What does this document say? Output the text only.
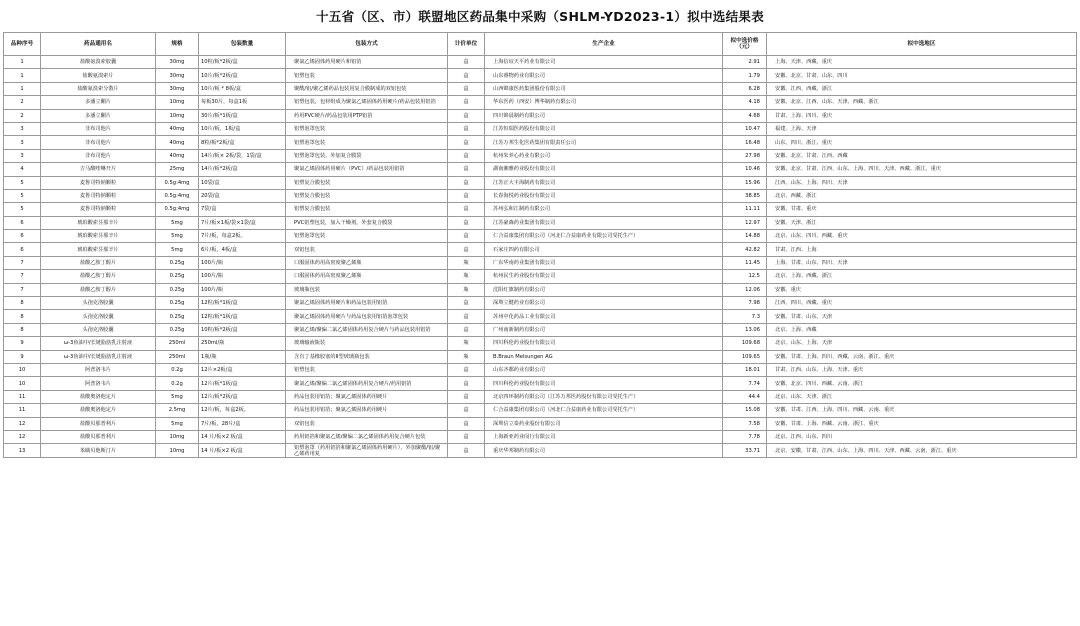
十五省（区、市）联盟地区药品集中采购（SHLM-YD2023-1）拟中选结果表
品种序号	药品通用名	规格	包装数量	包装方式	计价单位	生产企业	拟中选价格（元）	拟中选地区
1	盐酸氨溴索胶囊	30mg	10粒/板*2板/盒	聚氯乙烯固体药用硬片和铝箔	盒	上海信谊天平药业有限公司	2.91	上海、天津、西藏、重庆
1	盐酸氨溴索片	30mg	10片/板*2板/盒	铝塑包装	盒	山东睿物药业有限公司	1.79	安徽、北京、甘肃、山东、四川
1	盐酸氨溴索分散片	30mg	10片/板 * 8板/盒	聚酰/铝/聚乙烯药品包装用复合膜制成的双铝包装	盒	山西锦康医药集团股份有限公司	6.28	安徽、江西、西藏、浙江
2	多潘立酮片	10mg	每板30片，每盒1板	铝塑包装，包材组成为聚氯乙烯固体药用硬片/药品包装用铝箔	盒	华东医药（西安）博华制药有限公司	4.18	安徽、北京、江西、山东、天津、西藏、浙江
2	多潘立酮片	10mg	30片/板*1板/盒	药用PVC硬片/药品包装用PTP铝箔	盒	四川锦晨制药有限公司	4.68	甘肃、上海、四川、重庆
3	非布司他片	40mg	10片/板，1板/盒	铝塑泡罩包装	盒	江苏恒瑞医药股份有限公司	10.47	福建、上海、天津
3	非布司他片	40mg	8粒/板*2板/盒	铝塑泡罩包装	盒	江苏万邦生化医药集团有限责任公司	16.48	山东、四川、浙江、重庆
3	非布司他片	40mg	14片/板× 2板/袋，1袋/盒	铝塑泡罩包装，外加复合膜袋	盒	杭州朱养心药业有限公司	27.98	安徽、北京、甘肃、江西、西藏
4	吉马酸喹啉开片	25mg	14片/板*2板/盒	聚氯乙烯固体药用硬片（PVC）/药品包装用铝箔	盒	湖南湘雅药业股份有限公司	10.46	安徽、北京、甘肃、江西、山东、上海、四川、天津、西藏、浙江、重庆
5	麦鲁司特钠颗粒	0.5g:4mg	10袋/盒	铝塑复合膜包装	盒	江苏正大丰海制药有限公司	15.96	江西、山东、上海、四川、天津
5	麦鲁司特钠颗粒	0.5g:4mg	20袋/盒	铝塑复合膜包装	盒	长春海悦药业股份有限公司	38.85	北京、西藏、浙江
5	麦鲁司特钠颗粒	0.5g:4mg	7袋/盒	铝塑复合膜包装	盒	苏州弘和江制药有限公司	11.11	安徽、甘肃、重庆
6	琥珀酸索芬那辛片	5mg	7片/板×1板/袋×1袋/盒	PVC铝塑包装，加入干燥剂，外套复合膜袋	盒	江苏豪森药业集团有限公司	12.97	安徽、天津、浙江
6	琥珀酸索芬那辛片	5mg	7片/板，每盒2板。	铝塑泡罩包装	盒	仁合益康集团有限公司（河北仁合益康药业有限公司受托生产）	14.88	北京、山东、四川、西藏、重庆
6	琥珀酸索芬那辛片	5mg	6片/板，4板/盒	双铝包装	盒	石家庄四药有限公司	42.82	甘肃、江西、上海
7	盐酸乙胺丁醇片	0.25g	100片/瓶	口服固体药用高密度聚乙烯瓶	瓶	广东华南药业集团有限公司	11.45	上海、甘肃、山东、四川、天津
7	盐酸乙胺丁醇片	0.25g	100片/瓶	口服固体药用高密度聚乙烯瓶	瓶	杭州民生药业股份有限公司	12.5	北京、上海、西藏、浙江
7	盐酸乙胺丁醇片	0.25g	100片/瓶	玻璃瓶包装	瓶	沈阳红旗制药有限公司	12.06	安徽、重庆
8	头孢克洛胶囊	0.25g	12粒/板*1板/盒	聚氯乙烯固体药用硬片和药品包装用铝箔	盒	深圳立健药业有限公司	7.98	江西、四川、西藏、重庆
8	头孢克洛胶囊	0.25g	12粒/板*1板/盒	聚氯乙烯固体药用硬片与药品包装用铝箔泡罩包装	盒	苏州中化药品工业有限公司	7.3	安徽、甘肃、山东、天津
8	头孢克洛胶囊	0.25g	10粒/板*2板/盒	聚氯乙烯/聚偏二氯乙烯固体药用复合硬片与药品包装用铝箔	盒	广州南新制药有限公司	13.06	北京、上海、西藏
9	ω-3鱼油中/长链脂肪乳注射液	250ml	250ml/瓶	玻璃输液瓶装	瓶	四川科伦药业股份有限公司	109.68	北京、山东、上海、天津
9	ω-3鱼油中/长链脂肪乳注射液	250ml	1瓶/瓶	含有丁基橡胶塞的II型玻璃瓶包装	瓶	B.Braun Melsungen AG	109.65	安徽、甘肃、上海、四川、西藏、云南、浙江、重庆
10	阿普洛韦片	0.2g	12片×2板/盒	铝塑包装	盒	山东齐都药业有限公司	18.01	甘肃、江西、山东、上海、天津、重庆
10	阿普洛韦片	0.2g	12片/板*1板/盒	聚氯乙烯/聚偏二氯乙烯固体药用复合硬片/药用铝箔	盒	四川科伦药业股份有限公司	7.74	安徽、北京、四川、西藏、云南、浙江
11	盐酸奥洛他定片	5mg	12片/板*2板/盒	药品包装用铝箔；聚氯乙烯固体药用硬片	盒	北京四环制药有限公司（江苏万邦医药股份有限公司受托生产）	44.4	北京、山东、天津、浙江
11	盐酸奥洛他定片	2.5mg	12片/板，每盒2板。	药品包装用铝箔；聚氯乙烯固体药用硬片	盒	仁合益康集团有限公司（河北仁合益康药业有限公司受托生产）	15.08	安徽、甘肃、江西、上海、四川、西藏、云南、重庆
12	盐酸贝那普利片	5mg	7片/板，28片/盒	双铝包装	盒	深圳信立泰药业股份有限公司	7.58	安徽、甘肃、上海、西藏、云南、浙江、重庆
12	盐酸贝那普利片	10mg	14 片/板×2 板/盒	药用铝箔和聚氯乙烯/聚偏二氯乙烯固体药用复合硬片包装	盒	上海新亚药业闵行有限公司	7.78	北京、江西、山东、四川
13	苯磺贝他斯汀片	10mg	14 片/板×2 板/盒	铝塑泡罩（药用铝箔和聚氯乙烯固体药用硬片），外加聚酯/铝/聚乙烯药用复	盒	重庆华邦制药有限公司	33.71	北京、安徽、甘肃、江西、山东、上海、四川、天津、西藏、云南、浙江、重庆
